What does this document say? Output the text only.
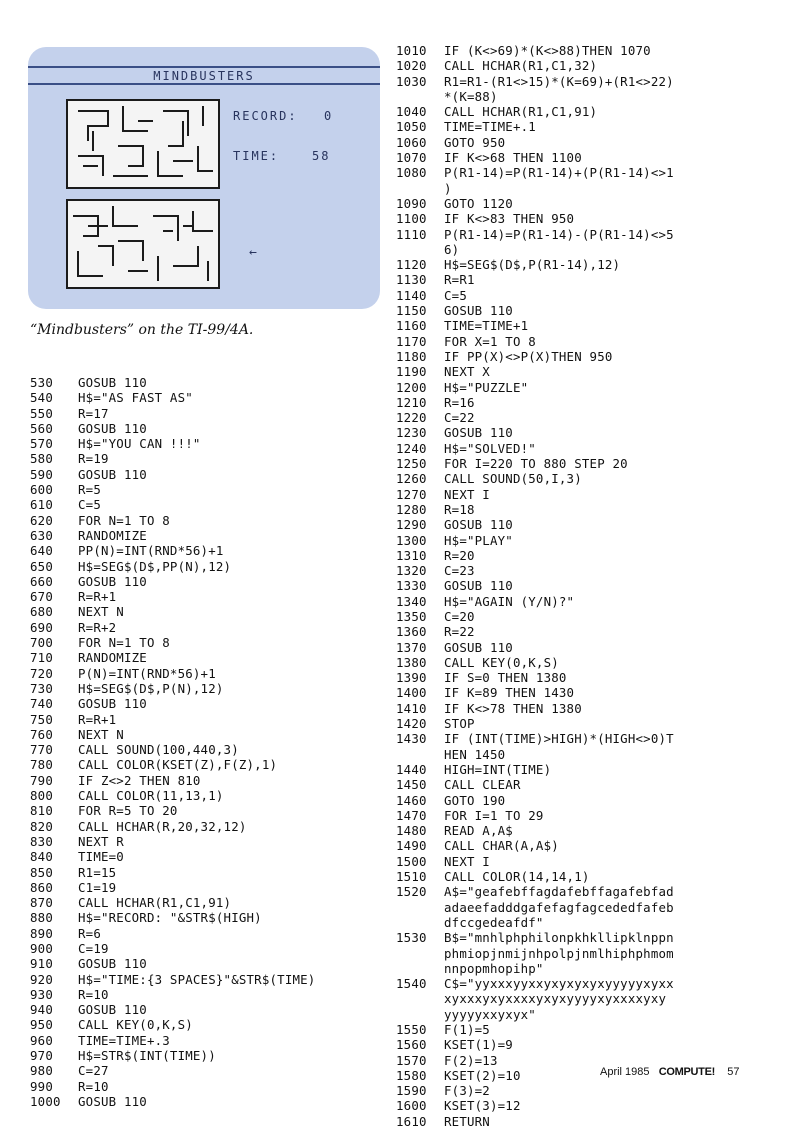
MINDBUSTERS
RECORD: 0
TIME:	58
←
“Mindbusters” on the TI-99/4A.
530	GOSUB 110
540	H$="AS FAST AS"
550	R=17
560	GOSUB 110
570	H$="YOU CAN !!!"
580	R=19
590	GOSUB 110
600	R=5
610	C=5
620	FOR N=1 TO 8
630	RANDOMIZE
640	PP(N)=INT(RND*56)+1
650	H$=SEG$(D$,PP(N),12)
660	GOSUB 110
670	R=R+1
680	NEXT N
690	R=R+2
700	FOR N=1 TO 8
710	RANDOMIZE
720	P(N)=INT(RND*56)+1
730	H$=SEG$(D$,P(N),12)
740	GOSUB 110
750	R=R+1
760	NEXT N
770	CALL SOUND(100,440,3)
780	CALL COLOR(KSET(Z),F(Z),1)
790	IF Z<>2 THEN 810
800	CALL COLOR(11,13,1)
810	FOR R=5 TO 20
820	CALL HCHAR(R,20,32,12)
830	NEXT R
840	TIME=0
850	R1=15
860	C1=19
870	CALL HCHAR(R1,C1,91)
880	H$="RECORD: "&STR$(HIGH)
890	R=6
900	C=19
910	GOSUB 110
920	H$="TIME:{3 SPACES}"&STR$(TIME)
930	R=10
940	GOSUB 110
950	CALL KEY(0,K,S)
960	TIME=TIME+.3
970	H$=STR$(INT(TIME))
980	C=27
990	R=10
1000	GOSUB 110
1010	IF (K<>69)*(K<>88)THEN 1070
1020	CALL HCHAR(R1,C1,32)
1030	R1=R1-(R1<>15)*(K=69)+(R1<>22)
*(K=88)
1040	CALL HCHAR(R1,C1,91)
1050	TIME=TIME+.1
1060	GOTO 950
1070	IF K<>68 THEN 1100
1080	P(R1-14)=P(R1-14)+(P(R1-14)<>1
)
1090	GOTO 1120
1100	IF K<>83 THEN 950
1110	P(R1-14)=P(R1-14)-(P(R1-14)<>5
6)
1120	H$=SEG$(D$,P(R1-14),12)
1130	R=R1
1140	C=5
1150	GOSUB 110
1160	TIME=TIME+1
1170	FOR X=1 TO 8
1180	IF PP(X)<>P(X)THEN 950
1190	NEXT X
1200	H$="PUZZLE"
1210	R=16
1220	C=22
1230	GOSUB 110
1240	H$="SOLVED!"
1250	FOR I=220 TO 880 STEP 20
1260	CALL SOUND(50,I,3)
1270	NEXT I
1280	R=18
1290	GOSUB 110
1300	H$="PLAY"
1310	R=20
1320	C=23
1330	GOSUB 110
1340	H$="AGAIN (Y/N)?"
1350	C=20
1360	R=22
1370	GOSUB 110
1380	CALL KEY(0,K,S)
1390	IF S=0 THEN 1380
1400	IF K=89 THEN 1430
1410	IF K<>78 THEN 1380
1420	STOP
1430	IF (INT(TIME)>HIGH)*(HIGH<>0)T
HEN 1450
1440	HIGH=INT(TIME)
1450	CALL CLEAR
1460	GOTO 190
1470	FOR I=1 TO 29
1480	READ A,A$
1490	CALL CHAR(A,A$)
1500	NEXT I
1510	CALL COLOR(14,14,1)
1520	A$="geafebffagdafebffagafebfad
adaeefadddgafefagfagcededfafeb
dfccgedeafdf"
1530	B$="mnhlphphilonpkhkllipklnppn
phmiopjnmijnhpolpjnmlhiphphmom
nnpopmhopihp"
1540	C$="yyxxxyyxxyxyxyxyxyyyyyxyxx
xyxxxyxyxxxxyxyxyyyyxyxxxxyxy
yyyyyxxyxyx"
1550	F(1)=5
1560	KSET(1)=9
1570	F(2)=13
1580	KSET(2)=10
1590	F(3)=2
1600	KSET(3)=12
1610	RETURN
April 1985 COMPUTE! 57
